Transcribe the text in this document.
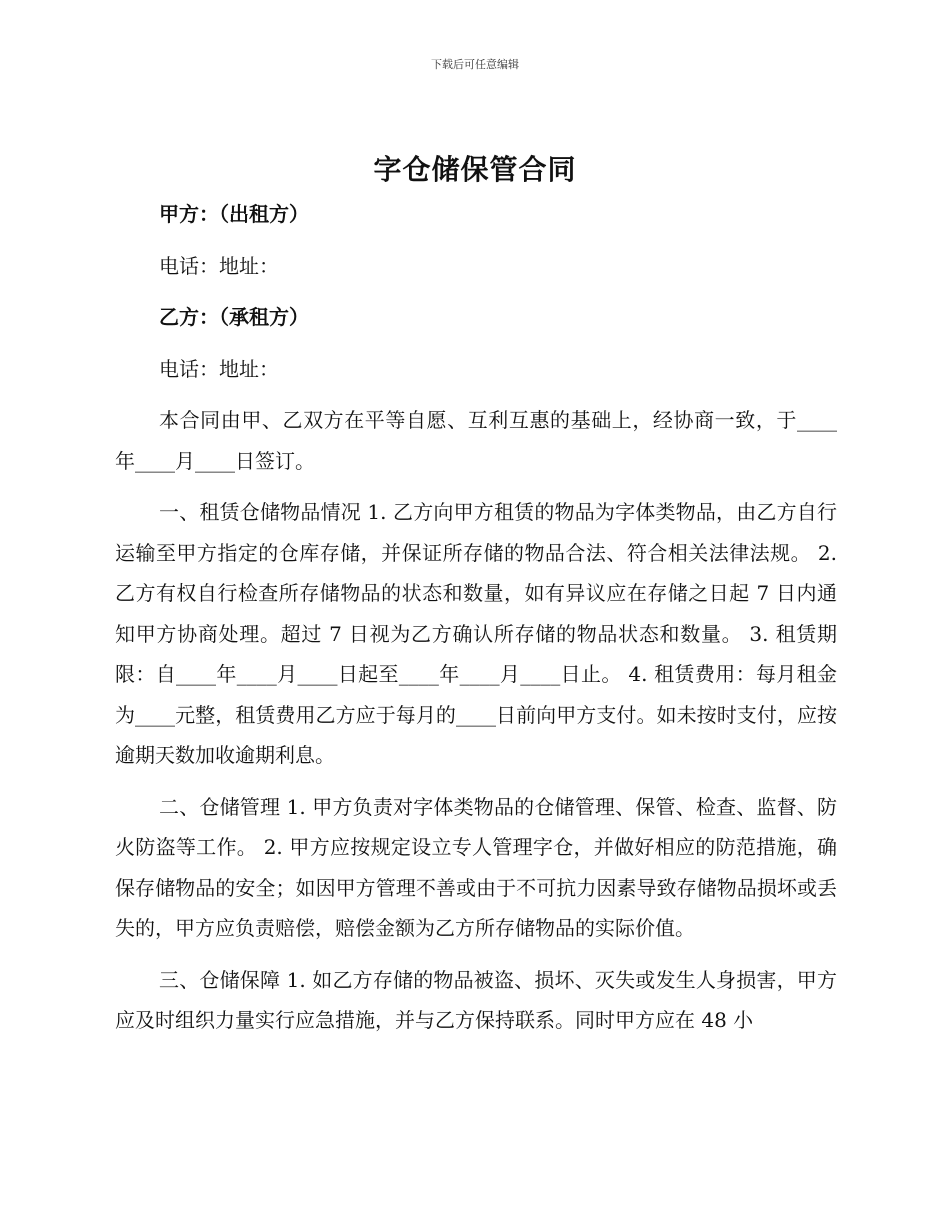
下载后可任意编辑
字仓储保管合同

甲方：（出租方）

电话：地址：

乙方：（承租方）

电话：地址：

本合同由甲、乙双方在平等自愿、互利互惠的基础上，经协商一致，于____年____月____日签订。

一、租赁仓储物品情况 1. 乙方向甲方租赁的物品为字体类物品，由乙方自行运输至甲方指定的仓库存储，并保证所存储的物品合法、符合相关法律法规。 2. 乙方有权自行检查所存储物品的状态和数量，如有异议应在存储之日起 7 日内通知甲方协商处理。超过 7 日视为乙方确认所存储的物品状态和数量。 3. 租赁期限：自____年____月____日起至____年____月____日止。 4. 租赁费用：每月租金为____元整，租赁费用乙方应于每月的____日前向甲方支付。如未按时支付，应按逾期天数加收逾期利息。

二、仓储管理 1. 甲方负责对字体类物品的仓储管理、保管、检查、监督、防火防盗等工作。 2. 甲方应按规定设立专人管理字仓，并做好相应的防范措施，确保存储物品的安全；如因甲方管理不善或由于不可抗力因素导致存储物品损坏或丢失的，甲方应负责赔偿，赔偿金额为乙方所存储物品的实际价值。

三、仓储保障 1. 如乙方存储的物品被盗、损坏、灭失或发生人身损害，甲方应及时组织力量实行应急措施，并与乙方保持联系。同时甲方应在 48 小
